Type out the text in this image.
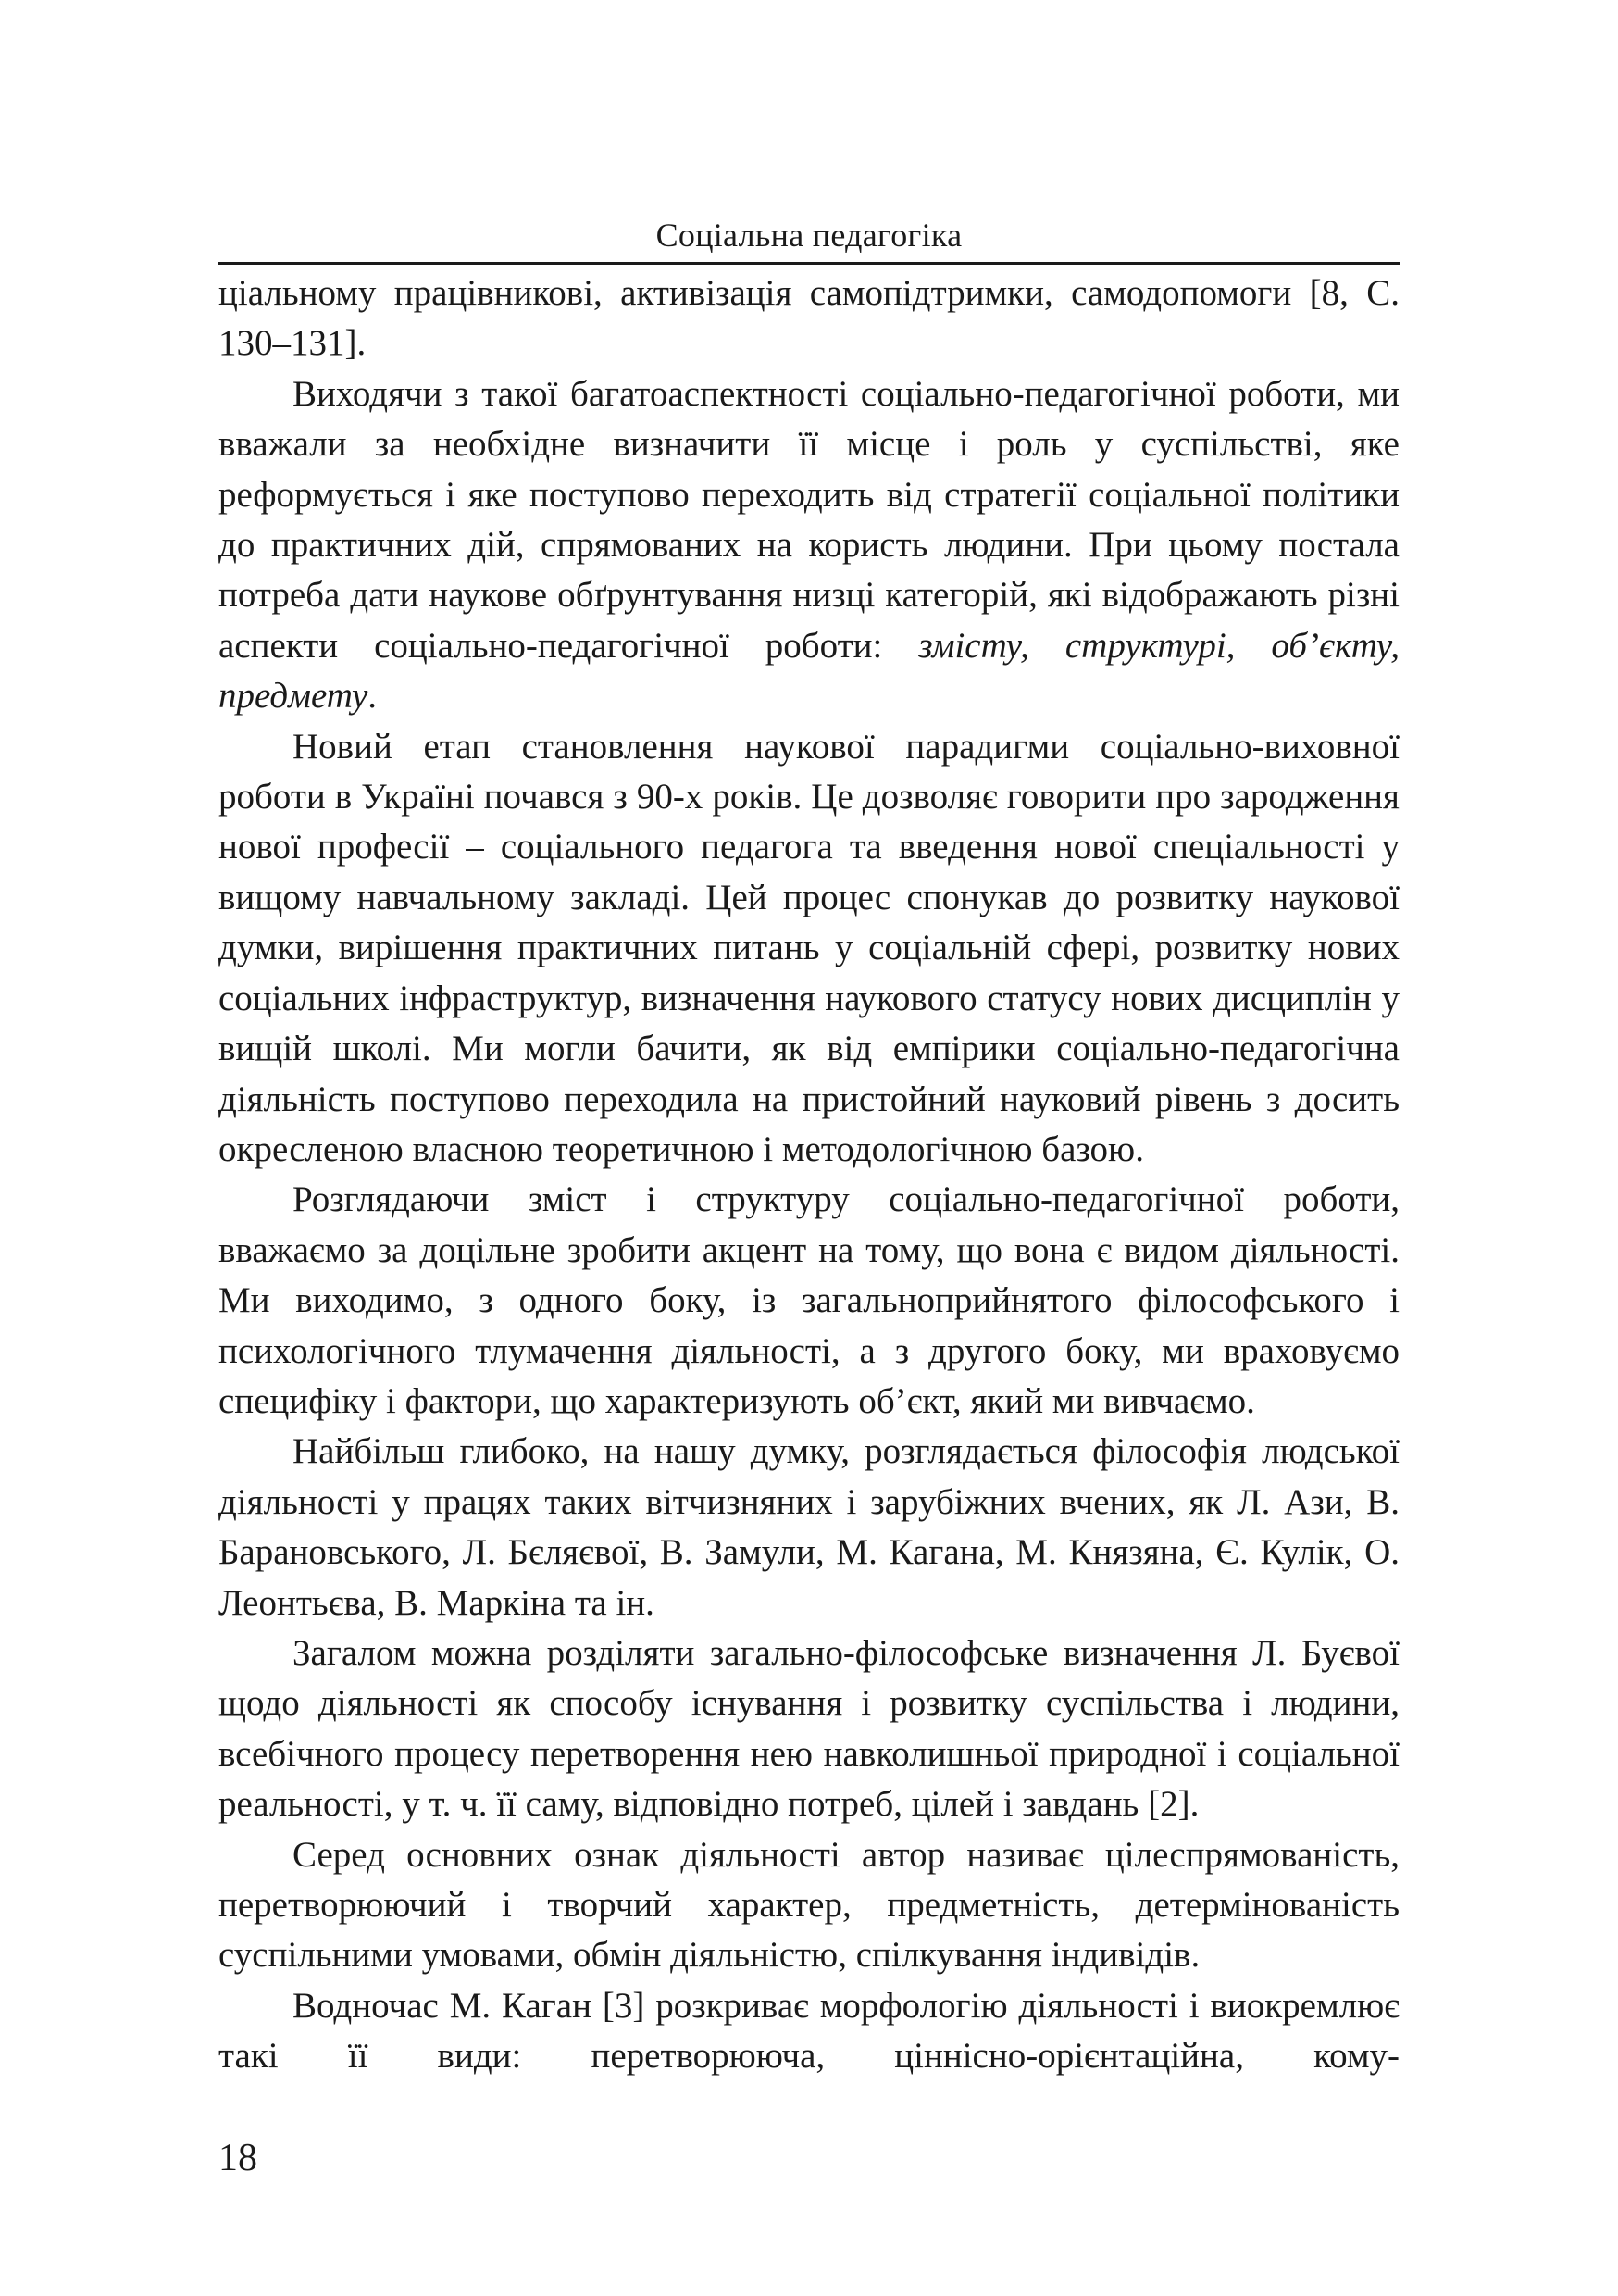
Соціальна педагогіка

ціальному працівникові, активізація самопідтримки, самодопомоги [8, С. 130–131].

Виходячи з такої багатоаспектності соціально-педагогічної роботи, ми вважали за необхідне визначити її місце і роль у суспільстві, яке реформується і яке поступово переходить від стратегії соціальної політики до практичних дій, спрямованих на користь людини. При цьому постала потреба дати наукове обґрунтування низці категорій, які відображають різні аспекти соціально-педагогічної роботи: змісту, структурі, об’єкту, предмету.

Новий етап становлення наукової парадигми соціально-виховної роботи в Україні почався з 90-х років. Це дозволяє говорити про зародження нової професії – соціального педагога та введення нової спеціальності у вищому навчальному закладі. Цей процес спонукав до розвитку наукової думки, вирішення практичних питань у соціальній сфері, розвитку нових соціальних інфраструктур, визначення наукового статусу нових дисциплін у вищій школі. Ми могли бачити, як від емпірики соціально-педагогічна діяльність поступово переходила на пристойний науковий рівень з досить окресленою власною теоретичною і методологічною базою.

Розглядаючи зміст і структуру соціально-педагогічної роботи, вважаємо за доцільне зробити акцент на тому, що вона є видом діяльності. Ми виходимо, з одного боку, із загальноприйнятого філософського і психологічного тлумачення діяльності, а з другого боку, ми враховуємо специфіку і фактори, що характеризують об’єкт, який ми вивчаємо.

Найбільш глибоко, на нашу думку, розглядається філософія людської діяльності у працях таких вітчизняних і зарубіжних вчених, як Л. Ази, В. Барановського, Л. Бєляєвої, В. Замули, М. Кагана, М. Князяна, Є. Кулік, О. Леонтьєва, В. Маркіна та ін.

Загалом можна розділяти загально-філософське визначення Л. Буєвої щодо діяльності як способу існування і розвитку суспільства і людини, всебічного процесу перетворення нею навколишньої природної і соціальної реальності, у т. ч. її саму, відповідно потреб, цілей і завдань [2].

Серед основних ознак діяльності автор називає цілеспрямованість, перетворюючий і творчий характер, предметність, детермінованість суспільними умовами, обмін діяльністю, спілкування індивідів.

Водночас М. Каган [3] розкриває морфологію діяльності і виокремлює такі її види: перетворююча, ціннісно-орієнтаційна, кому-

18
